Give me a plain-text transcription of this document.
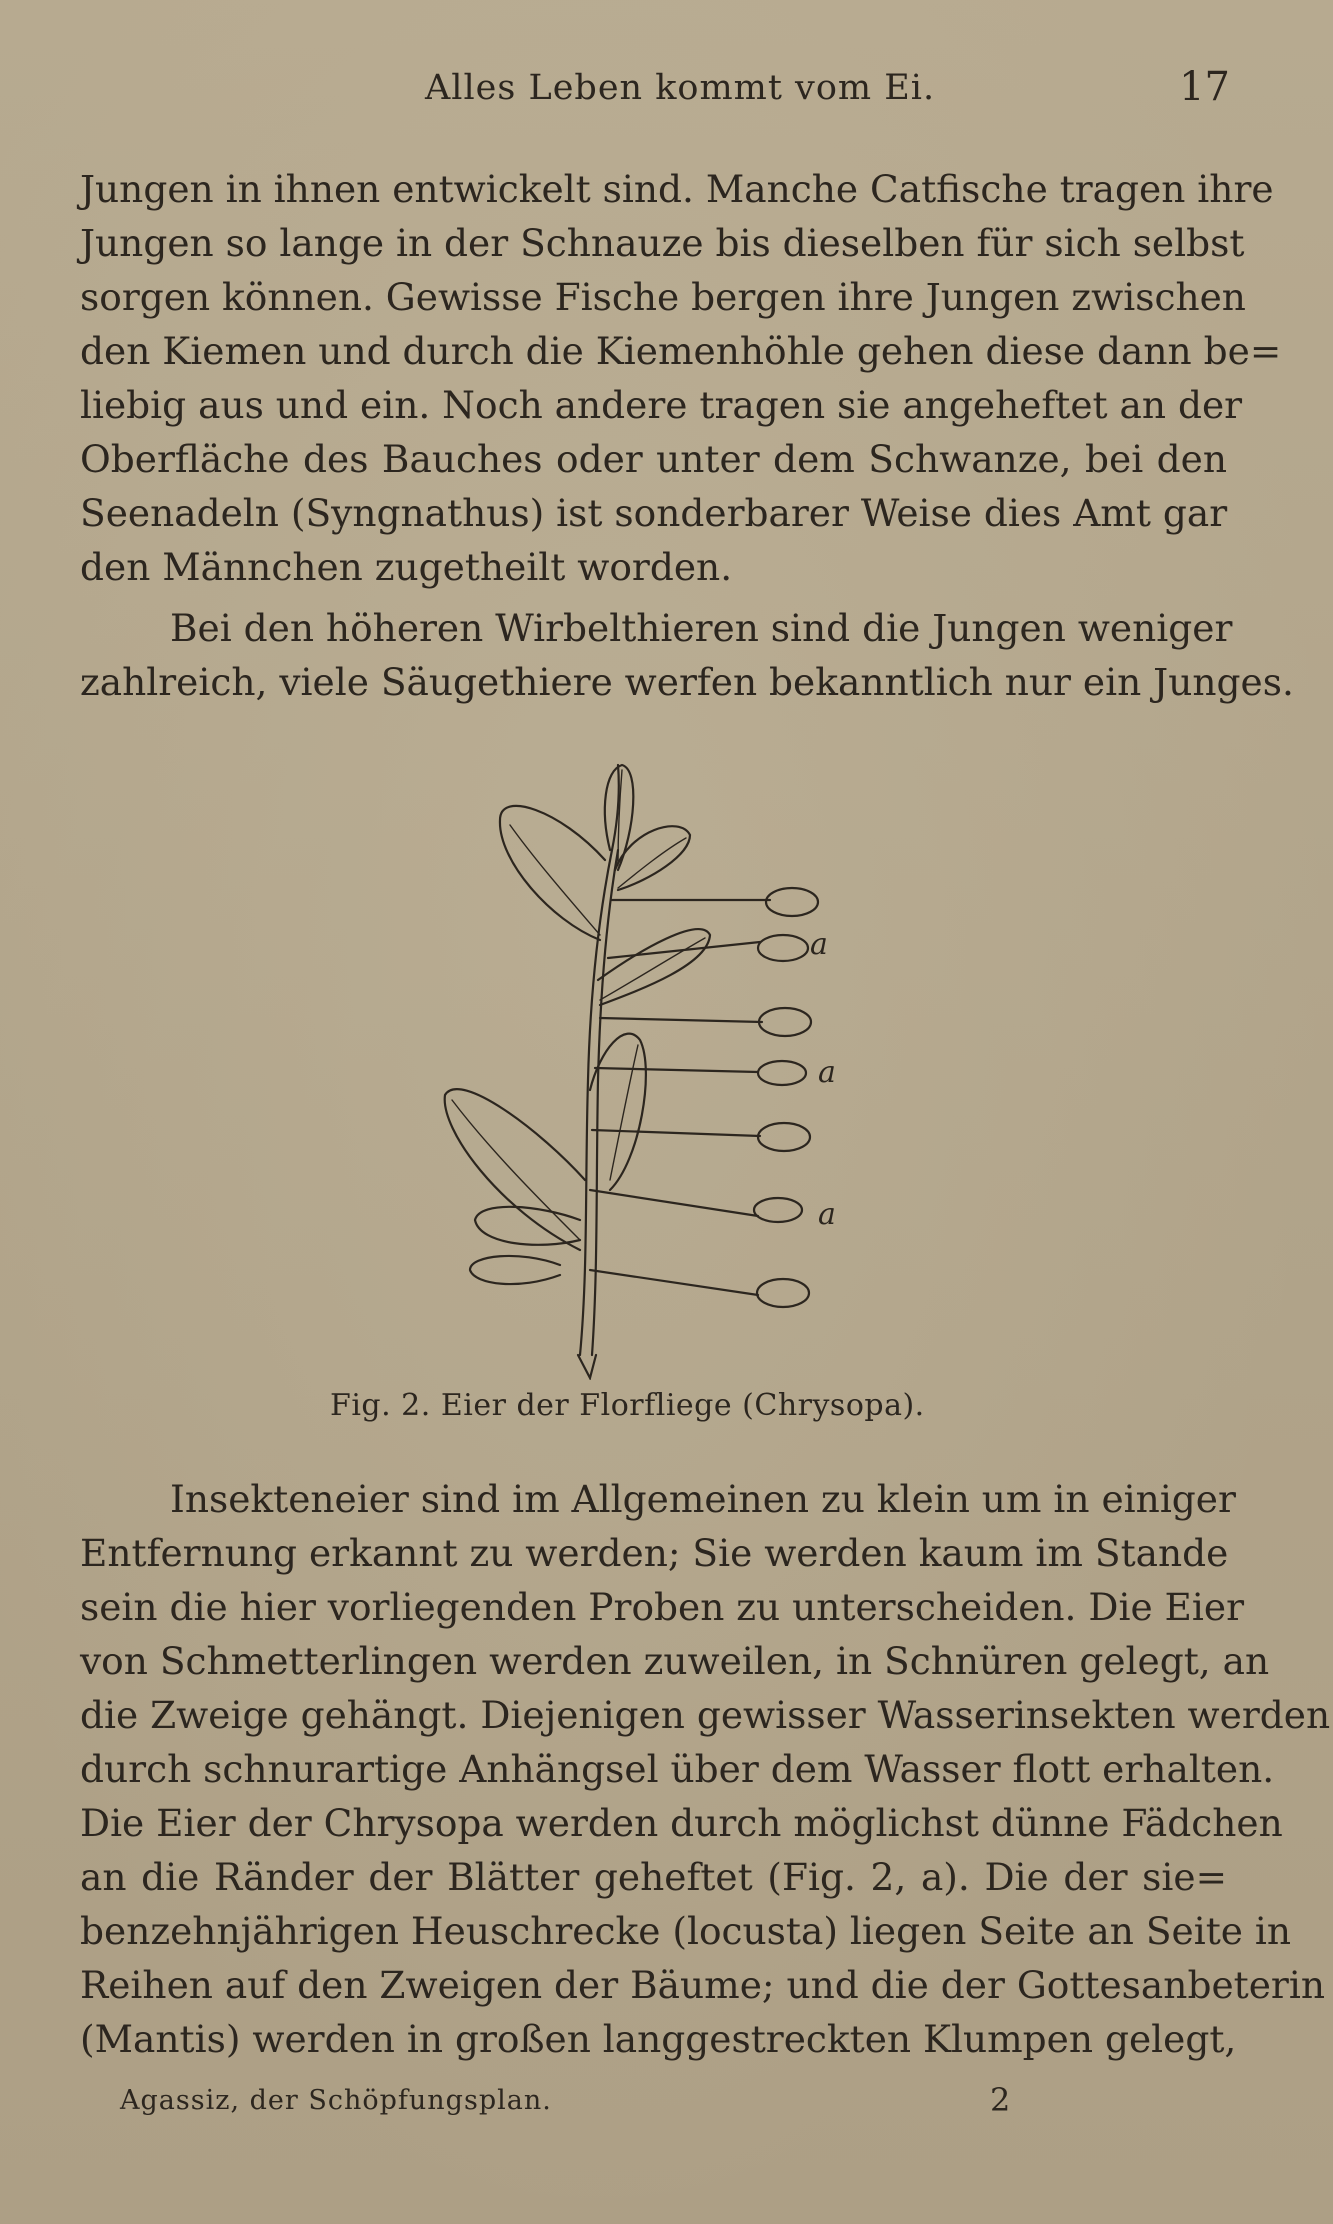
Alles Leben kommt vom Ei.	17
Jungen in ihnen entwickelt sind. Manche Catfische tragen ihre
Jungen so lange in der Schnauze bis dieselben für sich selbst
sorgen können. Gewisse Fische bergen ihre Jungen zwischen
den Kiemen und durch die Kiemenhöhle gehen diese dann be=
liebig aus und ein. Noch andere tragen sie angeheftet an der
Oberfläche des Bauches oder unter dem Schwanze, bei den
Seenadeln (Syngnathus) ist sonderbarer Weise dies Amt gar
den Männchen zugetheilt worden.
Bei den höheren Wirbelthieren sind die Jungen weniger
zahlreich, viele Säugethiere werfen bekanntlich nur ein Junges.
a
a
a
Fig. 2. Eier der Florfliege (Chrysopa).
Insekteneier sind im Allgemeinen zu klein um in einiger
Entfernung erkannt zu werden; Sie werden kaum im Stande
sein die hier vorliegenden Proben zu unterscheiden. Die Eier
von Schmetterlingen werden zuweilen, in Schnüren gelegt, an
die Zweige gehängt. Diejenigen gewisser Wasserinsekten werden
durch schnurartige Anhängsel über dem Wasser flott erhalten.
Die Eier der Chrysopa werden durch möglichst dünne Fädchen
an die Ränder der Blätter geheftet (Fig. 2, a). Die der sie=
benzehnjährigen Heuschrecke (locusta) liegen Seite an Seite in
Reihen auf den Zweigen der Bäume; und die der Gottesanbeterin
(Mantis) werden in großen langgestreckten Klumpen gelegt,
Agassiz, der Schöpfungsplan.	2
